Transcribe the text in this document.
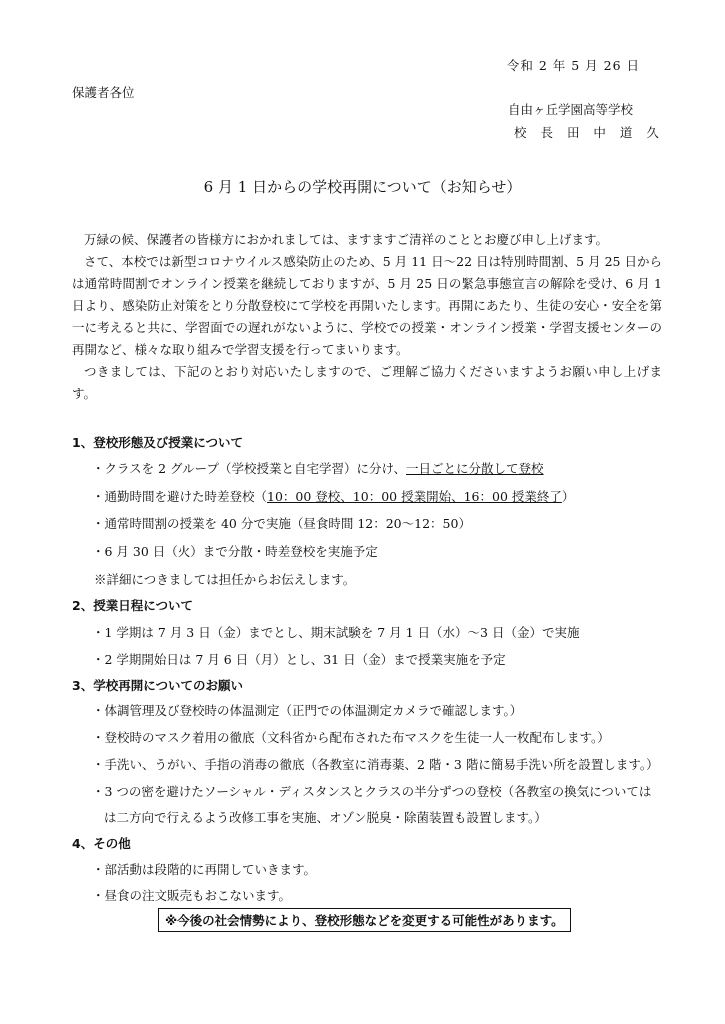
令和 2 年 5 月 26 日
保護者各位
自由ヶ丘学園高等学校
校 長 田 中 道 久
6 月 1 日からの学校再開について（お知らせ）

万緑の候、保護者の皆様方におかれましては、ますますご清祥のこととお慶び申し上げます。

さて、本校では新型コロナウイルス感染防止のため、5 月 11 日～22 日は特別時間割、5 月 25 日からは通常時間割でオンライン授業を継続しておりますが、5 月 25 日の緊急事態宣言の解除を受け、6 月 1 日より、感染防止対策をとり分散登校にて学校を再開いたします。再開にあたり、生徒の安心・安全を第一に考えると共に、学習面での遅れがないように、学校での授業・オンライン授業・学習支援センターの再開など、様々な取り組みで学習支援を行ってまいります。

つきましては、下記のとおり対応いたしますので、ご理解ご協力くださいますようお願い申し上げます。

1、登校形態及び授業について
・クラスを 2 グループ（学校授業と自宅学習）に分け、一日ごとに分散して登校
・通勤時間を避けた時差登校（10：00 登校、10：00 授業開始、16：00 授業終了）
・通常時間割の授業を 40 分で実施（昼食時間 12：20～12：50）
・6 月 30 日（火）まで分散・時差登校を実施予定
※詳細につきましては担任からお伝えします。
2、授業日程について
・1 学期は 7 月 3 日（金）までとし、期末試験を 7 月 1 日（水）～3 日（金）で実施
・2 学期開始日は 7 月 6 日（月）とし、31 日（金）まで授業実施を予定
3、学校再開についてのお願い
・体調管理及び登校時の体温測定（正門での体温測定カメラで確認します。）
・登校時のマスク着用の徹底（文科省から配布された布マスクを生徒一人一枚配布します。）
・手洗い、うがい、手指の消毒の徹底（各教室に消毒薬、2 階・3 階に簡易手洗い所を設置します。）
・3 つの密を避けたソーシャル・ディスタンスとクラスの半分ずつの登校（各教室の換気については
は二方向で行えるよう改修工事を実施、オゾン脱臭・除菌装置も設置します。）
4、その他
・部活動は段階的に再開していきます。
・昼食の注文販売もおこないます。
※今後の社会情勢により、登校形態などを変更する可能性があります。
